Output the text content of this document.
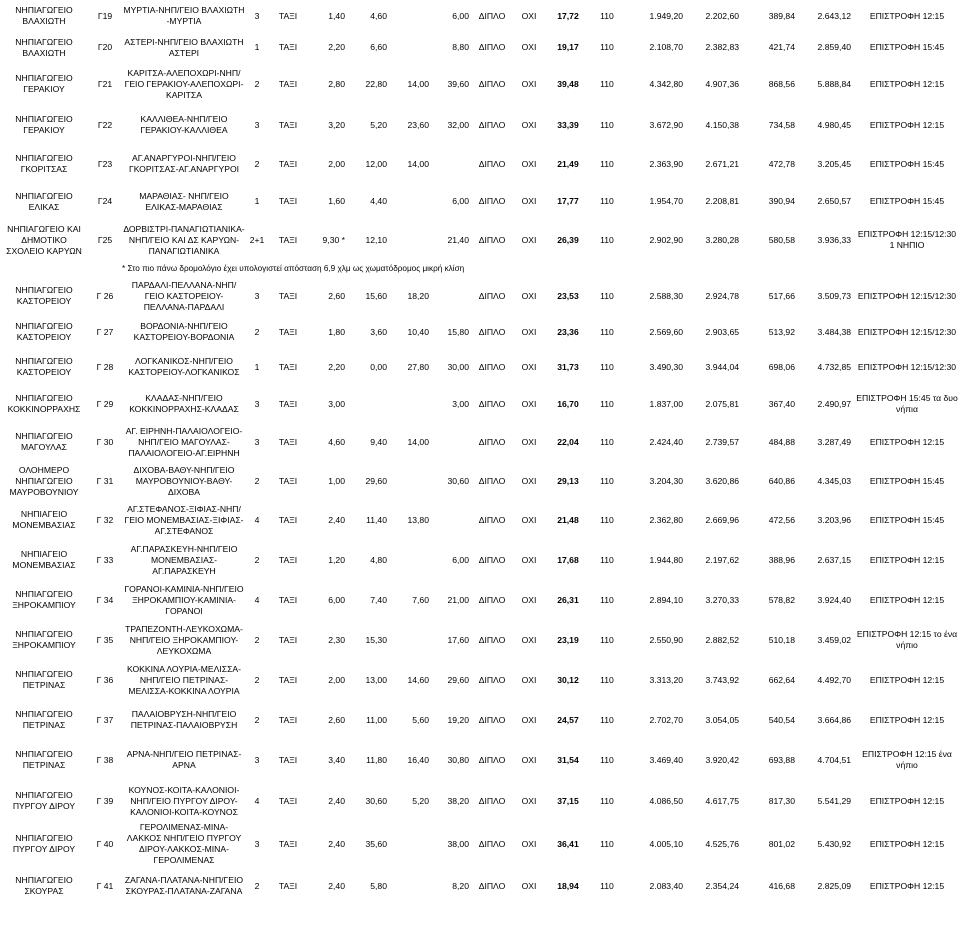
ΝΗΠΙΑΓΩΓΕΙΟ ΒΛΑΧΙΩΤΗ	Γ19	ΜΥΡΤΙΑ-ΝΗΠ/ΓΕΙΟ ΒΛΑΧΙΩΤΗ -ΜΥΡΤΙΑ	3	ΤΑΞΙ	1,40	4,60		6,00	ΔΙΠΛΟ	ΟΧΙ	17,72	110	1.949,20	2.202,60	389,84	2.643,12	ΕΠΙΣΤΡΟΦΗ 12:15
ΝΗΠΙΑΓΩΓΕΙΟ ΒΛΑΧΙΩΤΗ	Γ20	ΑΣΤΕΡΙ-ΝΗΠ/ΓΕΙΟ ΒΛΑΧΙΩΤΗ ΑΣΤΕΡΙ	1	ΤΑΞΙ	2,20	6,60		8,80	ΔΙΠΛΟ	ΟΧΙ	19,17	110	2.108,70	2.382,83	421,74	2.859,40	ΕΠΙΣΤΡΟΦΗ 15:45
ΝΗΠΙΑΓΩΓΕΙΟ ΓΕΡΑΚΙΟΥ	Γ21	ΚΑΡΙΤΣΑ-ΑΛΕΠΟΧΩΡΙ-ΝΗΠ/ΓΕΙΟ ΓΕΡΑΚΙΟΥ-ΑΛΕΠΟΧΩΡΙ-ΚΑΡΙΤΣΑ	2	ΤΑΞΙ	2,80	22,80	14,00	39,60	ΔΙΠΛΟ	ΟΧΙ	39,48	110	4.342,80	4.907,36	868,56	5.888,84	ΕΠΙΣΤΡΟΦΗ 12:15
ΝΗΠΙΑΓΩΓΕΙΟ ΓΕΡΑΚΙΟΥ	Γ22	ΚΑΛΛΙΘΕΑ-ΝΗΠ/ΓΕΙΟ ΓΕΡΑΚΙΟΥ-ΚΑΛΛΙΘΕΑ	3	ΤΑΞΙ	3,20	5,20	23,60	32,00	ΔΙΠΛΟ	ΟΧΙ	33,39	110	3.672,90	4.150,38	734,58	4.980,45	ΕΠΙΣΤΡΟΦΗ 12:15
ΝΗΠΙΑΓΩΓΕΙΟ ΓΚΟΡΙΤΣΑΣ	Γ23	ΑΓ.ΑΝΑΡΓΥΡΟΙ-ΝΗΠ/ΓΕΙΟ ΓΚΟΡΙΤΣΑΣ-ΑΓ.ΑΝΑΡΓΥΡΟΙ	2	ΤΑΞΙ	2,00	12,00	14,00		ΔΙΠΛΟ	ΟΧΙ	21,49	110	2.363,90	2.671,21	472,78	3.205,45	ΕΠΙΣΤΡΟΦΗ 15:45
ΝΗΠΙΑΓΩΓΕΙΟ ΕΛΙΚΑΣ	Γ24	ΜΑΡΑΘΙΑΣ- ΝΗΠ/ΓΕΙΟ ΕΛΙΚΑΣ-ΜΑΡΑΘΙΑΣ	1	ΤΑΞΙ	1,60	4,40		6,00	ΔΙΠΛΟ	ΟΧΙ	17,77	110	1.954,70	2.208,81	390,94	2.650,57	ΕΠΙΣΤΡΟΦΗ 15:45
ΝΗΠΙΑΓΩΓΕΙΟ ΚΑΙ ΔΗΜΟΤΙΚΟ ΣΧΟΛΕΙΟ ΚΑΡΥΩΝ	Γ25	ΔΟΡΒΙΣΤΡΙ-ΠΑΝΑΓΙΩΤΙΑΝΙΚΑ-ΝΗΠ/ΓΕΙΟ ΚΑΙ ΔΣ ΚΑΡΥΩΝ-ΠΑΝΑΓΙΩΤΙΑΝΙΚΑ	2+1	ΤΑΞΙ	9,30 *	12,10		21,40	ΔΙΠΛΟ	ΟΧΙ	26,39	110	2.902,90	3.280,28	580,58	3.936,33	ΕΠΙΣΤΡΟΦΗ 12:15/12:30 1 ΝΗΠΙΟ
		* Στο πιο πάνω δρομολόγιο έχει υπολογιστεί απόσταση 6,9 χλμ ως χωματόδρομος μικρή κλίση															
ΝΗΠΙΑΓΩΓΕΙΟ ΚΑΣΤΟΡΕΙΟΥ	Γ 26	ΠΑΡΔΑΛΙ-ΠΕΛΛΑΝΑ-ΝΗΠ/ΓΕΙΟ ΚΑΣΤΟΡΕΙΟΥ-ΠΕΛΛΑΝΑ-ΠΑΡΔΑΛΙ	3	ΤΑΞΙ	2,60	15,60	18,20		ΔΙΠΛΟ	ΟΧΙ	23,53	110	2.588,30	2.924,78	517,66	3.509,73	ΕΠΙΣΤΡΟΦΗ 12:15/12:30
ΝΗΠΙΑΓΩΓΕΙΟ ΚΑΣΤΟΡΕΙΟΥ	Γ 27	ΒΟΡΔΟΝΙΑ-ΝΗΠ/ΓΕΙΟ ΚΑΣΤΟΡΕΙΟΥ-ΒΟΡΔΟΝΙΑ	2	ΤΑΞΙ	1,80	3,60	10,40	15,80	ΔΙΠΛΟ	ΟΧΙ	23,36	110	2.569,60	2.903,65	513,92	3.484,38	ΕΠΙΣΤΡΟΦΗ 12:15/12:30
ΝΗΠΙΑΓΩΓΕΙΟ ΚΑΣΤΟΡΕΙΟΥ	Γ 28	ΛΟΓΚΑΝΙΚΟΣ-ΝΗΠ/ΓΕΙΟ ΚΑΣΤΟΡΕΙΟΥ-ΛΟΓΚΑΝΙΚΟΣ	1	ΤΑΞΙ	2,20	0,00	27,80	30,00	ΔΙΠΛΟ	ΟΧΙ	31,73	110	3.490,30	3.944,04	698,06	4.732,85	ΕΠΙΣΤΡΟΦΗ 12:15/12:30
ΝΗΠΙΑΓΩΓΕΙΟ ΚΟΚΚΙΝΟΡΡΑΧΗΣ	Γ 29	ΚΛΑΔΑΣ-ΝΗΠ/ΓΕΙΟ ΚΟΚΚΙΝΟΡΡΑΧΗΣ-ΚΛΑΔΑΣ	3	ΤΑΞΙ	3,00			3,00	ΔΙΠΛΟ	ΟΧΙ	16,70	110	1.837,00	2.075,81	367,40	2.490,97	ΕΠΙΣΤΡΟΦΗ 15:45 τα δυο νήπια
ΝΗΠΙΑΓΩΓΕΙΟ ΜΑΓΟΥΛΑΣ	Γ 30	ΑΓ. ΕΙΡΗΝΗ-ΠΑΛΑΙΟΛΟΓΕΙΟ-ΝΗΠ/ΓΕΙΟ ΜΑΓΟΥΛΑΣ-ΠΑΛΑΙΟΛΟΓΕΙΟ-ΑΓ.ΕΙΡΗΝΗ	3	ΤΑΞΙ	4,60	9,40	14,00		ΔΙΠΛΟ	ΟΧΙ	22,04	110	2.424,40	2.739,57	484,88	3.287,49	ΕΠΙΣΤΡΟΦΗ 12:15
ΟΛΟΗΜΕΡΟ ΝΗΠΙΑΓΩΓΕΙΟ ΜΑΥΡΟΒΟΥΝΙΟΥ	Γ 31	ΔΙΧΟΒΑ-ΒΑΘΥ-ΝΗΠ/ΓΕΙΟ ΜΑΥΡΟΒΟΥΝΙΟΥ-ΒΑΘΥ-ΔΙΧΟΒΑ	2	ΤΑΞΙ	1,00	29,60		30,60	ΔΙΠΛΟ	ΟΧΙ	29,13	110	3.204,30	3.620,86	640,86	4.345,03	ΕΠΙΣΤΡΟΦΗ 15:45
ΝΗΠΙΑΓΕΙΟ ΜΟΝΕΜΒΑΣΙΑΣ	Γ 32	ΑΓ.ΣΤΕΦΑΝΟΣ-ΞΙΦΙΑΣ-ΝΗΠ/ΓΕΙΟ ΜΟΝΕΜΒΑΣΙΑΣ-ΞΙΦΙΑΣ-ΑΓ.ΣΤΕΦΑΝΟΣ	4	ΤΑΞΙ	2,40	11,40	13,80		ΔΙΠΛΟ	ΟΧΙ	21,48	110	2.362,80	2.669,96	472,56	3.203,96	ΕΠΙΣΤΡΟΦΗ 15:45
ΝΗΠΙΑΓΕΙΟ ΜΟΝΕΜΒΑΣΙΑΣ	Γ 33	ΑΓ.ΠΑΡΑΣΚΕΥΗ-ΝΗΠ/ΓΕΙΟ ΜΟΝΕΜΒΑΣΙΑΣ-ΑΓ.ΠΑΡΑΣΚΕΥΗ	2	ΤΑΞΙ	1,20	4,80		6,00	ΔΙΠΛΟ	ΟΧΙ	17,68	110	1.944,80	2.197,62	388,96	2.637,15	ΕΠΙΣΤΡΟΦΗ 12:15
ΝΗΠΙΑΓΩΓΕΙΟ ΞΗΡΟΚΑΜΠΙΟΥ	Γ 34	ΓΟΡΑΝΟΙ-ΚΑΜΙΝΙΑ-ΝΗΠ/ΓΕΙΟ ΞΗΡΟΚΑΜΠΙΟΥ-ΚΑΜΙΝΙΑ-ΓΟΡΑΝΟΙ	4	ΤΑΞΙ	6,00	7,40	7,60	21,00	ΔΙΠΛΟ	ΟΧΙ	26,31	110	2.894,10	3.270,33	578,82	3.924,40	ΕΠΙΣΤΡΟΦΗ 12:15
ΝΗΠΙΑΓΩΓΕΙΟ ΞΗΡΟΚΑΜΠΙΟΥ	Γ 35	ΤΡΑΠΕΖΟΝΤΗ-ΛΕΥΚΟΧΩΜΑ-ΝΗΠ/ΓΕΙΟ ΞΗΡΟΚΑΜΠΙΟΥ-ΛΕΥΚΟΧΩΜΑ	2	ΤΑΞΙ	2,30	15,30		17,60	ΔΙΠΛΟ	ΟΧΙ	23,19	110	2.550,90	2.882,52	510,18	3.459,02	ΕΠΙΣΤΡΟΦΗ 12:15 το ένα νήπιο
ΝΗΠΙΑΓΩΓΕΙΟ ΠΕΤΡΙΝΑΣ	Γ 36	ΚΟΚΚΙΝΑ ΛΟΥΡΙΑ-ΜΕΛΙΣΣΑ-ΝΗΠ/ΓΕΙΟ ΠΕΤΡΙΝΑΣ-ΜΕΛΙΣΣΑ-ΚΟΚΚΙΝΑ ΛΟΥΡΙΑ	2	ΤΑΞΙ	2,00	13,00	14,60	29,60	ΔΙΠΛΟ	ΟΧΙ	30,12	110	3.313,20	3.743,92	662,64	4.492,70	ΕΠΙΣΤΡΟΦΗ 12:15
ΝΗΠΙΑΓΩΓΕΙΟ ΠΕΤΡΙΝΑΣ	Γ 37	ΠΑΛΑΙΟΒΡΥΣΗ-ΝΗΠ/ΓΕΙΟ ΠΕΤΡΙΝΑΣ-ΠΑΛΑΙΟΒΡΥΣΗ	2	ΤΑΞΙ	2,60	11,00	5,60	19,20	ΔΙΠΛΟ	ΟΧΙ	24,57	110	2.702,70	3.054,05	540,54	3.664,86	ΕΠΙΣΤΡΟΦΗ 12:15
ΝΗΠΙΑΓΩΓΕΙΟ ΠΕΤΡΙΝΑΣ	Γ 38	ΑΡΝΑ-ΝΗΠ/ΓΕΙΟ ΠΕΤΡΙΝΑΣ-ΑΡΝΑ	3	ΤΑΞΙ	3,40	11,80	16,40	30,80	ΔΙΠΛΟ	ΟΧΙ	31,54	110	3.469,40	3.920,42	693,88	4.704,51	ΕΠΙΣΤΡΟΦΗ 12:15 ένα νήπιο
ΝΗΠΙΑΓΩΓΕΙΟ ΠΥΡΓΟΥ ΔΙΡΟΥ	Γ 39	ΚΟΥΝΟΣ-ΚΟΙΤΑ-ΚΑΛΟΝΙΟΙ-ΝΗΠ/ΓΕΙΟ ΠΥΡΓΟΥ ΔΙΡΟΥ-ΚΑΛΟΝΙΟΙ-ΚΟΙΤΑ-ΚΟΥΝΟΣ	4	ΤΑΞΙ	2,40	30,60	5,20	38,20	ΔΙΠΛΟ	ΟΧΙ	37,15	110	4.086,50	4.617,75	817,30	5.541,29	ΕΠΙΣΤΡΟΦΗ 12:15
ΝΗΠΙΑΓΩΓΕΙΟ ΠΥΡΓΟΥ ΔΙΡΟΥ	Γ 40	ΓΕΡΟΛΙΜΕΝΑΣ-ΜΙΝΑ-ΛΑΚΚΟΣ ΝΗΠ/ΓΕΙΟ ΠΥΡΓΟΥ ΔΙΡΟΥ-ΛΑΚΚΟΣ-ΜΙΝΑ-ΓΕΡΟΛΙΜΕΝΑΣ	3	ΤΑΞΙ	2,40	35,60		38,00	ΔΙΠΛΟ	ΟΧΙ	36,41	110	4.005,10	4.525,76	801,02	5.430,92	ΕΠΙΣΤΡΟΦΗ 12:15
ΝΗΠΙΑΓΩΓΕΙΟ ΣΚΟΥΡΑΣ	Γ 41	ΖΑΓΑΝΑ-ΠΛΑΤΑΝΑ-ΝΗΠ/ΓΕΙΟ ΣΚΟΥΡΑΣ-ΠΛΑΤΑΝΑ-ΖΑΓΑΝΑ	2	ΤΑΞΙ	2,40	5,80		8,20	ΔΙΠΛΟ	ΟΧΙ	18,94	110	2.083,40	2.354,24	416,68	2.825,09	ΕΠΙΣΤΡΟΦΗ 12:15
